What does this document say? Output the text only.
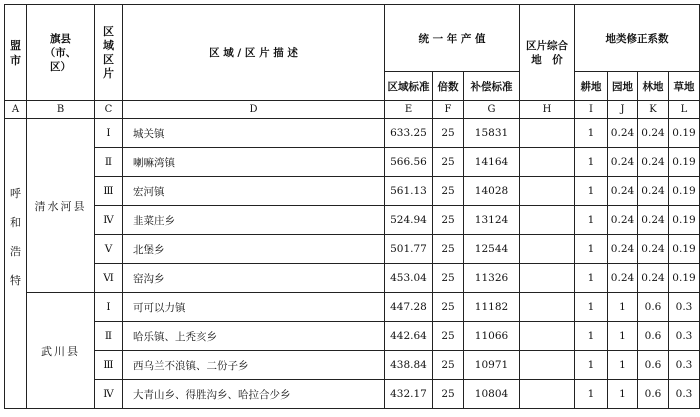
盟市	旗县（市、区）	区域区片	区 域 / 区 片 描 述	统 一 年 产 值			区片综合地　价	地类修正系数			
				区域标准	倍数	补偿标准		耕地	园地	林地	草地
A	B	C	D	E	F	G	H	I	J	K	L
呼和浩特	清水河县	Ⅰ	城关镇	633.25	25	15831		1	0.24	0.24	0.19
		Ⅱ	喇嘛湾镇	566.56	25	14164		1	0.24	0.24	0.19
		Ⅲ	宏河镇	561.13	25	14028		1	0.24	0.24	0.19
		Ⅳ	韭菜庄乡	524.94	25	13124		1	0.24	0.24	0.19
		Ⅴ	北堡乡	501.77	25	12544		1	0.24	0.24	0.19
		Ⅵ	窑沟乡	453.04	25	11326		1	0.24	0.24	0.19
	武川县	Ⅰ	可可以力镇	447.28	25	11182		1	1	0.6	0.3
		Ⅱ	哈乐镇、上秃亥乡	442.64	25	11066		1	1	0.6	0.3
		Ⅲ	西乌兰不浪镇、二份子乡	438.84	25	10971		1	1	0.6	0.3
		Ⅳ	大青山乡、得胜沟乡、哈拉合少乡	432.17	25	10804		1	1	0.6	0.3
